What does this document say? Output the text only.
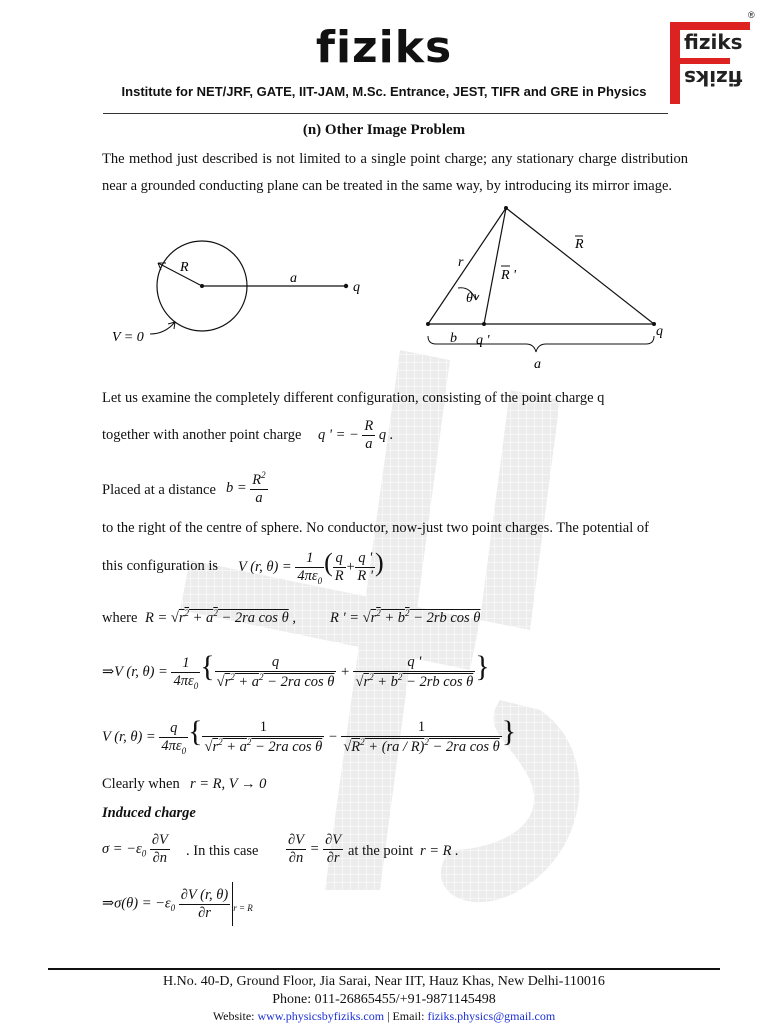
fiziks
Institute for NET/JRF, GATE, IIT-JAM, M.Sc. Entrance, JEST, TIFR and GRE in Physics
fiziks
fiziks
®
(n) Other Image Problem
The method just described is not limited to a single point charge; any stationary charge distribution near a grounded conducting plane can be treated in the same way, by introducing its mirror image.
R
a
q
V = 0
R
R '
r
θ
b q '
q
a
Let us examine the completely different configuration, consisting of the point charge q
together with another point charge q ' = − $\frac{R}{a}$ q .
Placed at a distance $b = \frac{R^2}{a}$
to the right of the centre of sphere. No conductor, now-just two point charges. The potential of
this configuration is V (r, $\theta) = \frac{1}{4\pi\varepsilon_0}$ ( $\frac{q}{R} + \frac{q '}{R '}$ )
where $R = √r^2 + a^2 - 2ra$ cos θ , R ' = $√r^2 + b^2 - 2rb$ cos θ
⇒V (r, $\theta) = \frac{1}{4\pi\varepsilon_0}$ { $\frac{q}{√r^2 + a^2 - 2ra \cos \theta} + \frac{q '}{√r^2 + b^2 - 2rb \cos \theta}$ }
V (r, $\theta) = \frac{q}{4\pi\varepsilon_0}$ { $\frac{1}{√r^2 + a^2 - 2ra \cos \theta} - \frac{1}{√R^2 + (ra / R)^2 - 2ra \cos \theta}$ }
Clearly when r = R, V → 0
Induced charge
$\sigma = -\varepsilon_0 \frac{\partial V}{\partial n}$ . In this case $\frac{\partial V}{\partial n} = \frac{\partial V}{\partial r}$ at the point r = R .
⇒σ(θ) = $-\varepsilon_0 \frac{\partial V (r, \theta)}{\partial r} _{r = R}$
H.No. 40-D, Ground Floor, Jia Sarai, Near IIT, Hauz Khas, New Delhi-110016
Phone: 011-26865455/+91-9871145498
Website: www.physicsbyfiziks.com | Email: fiziks.physics@gmail.com
